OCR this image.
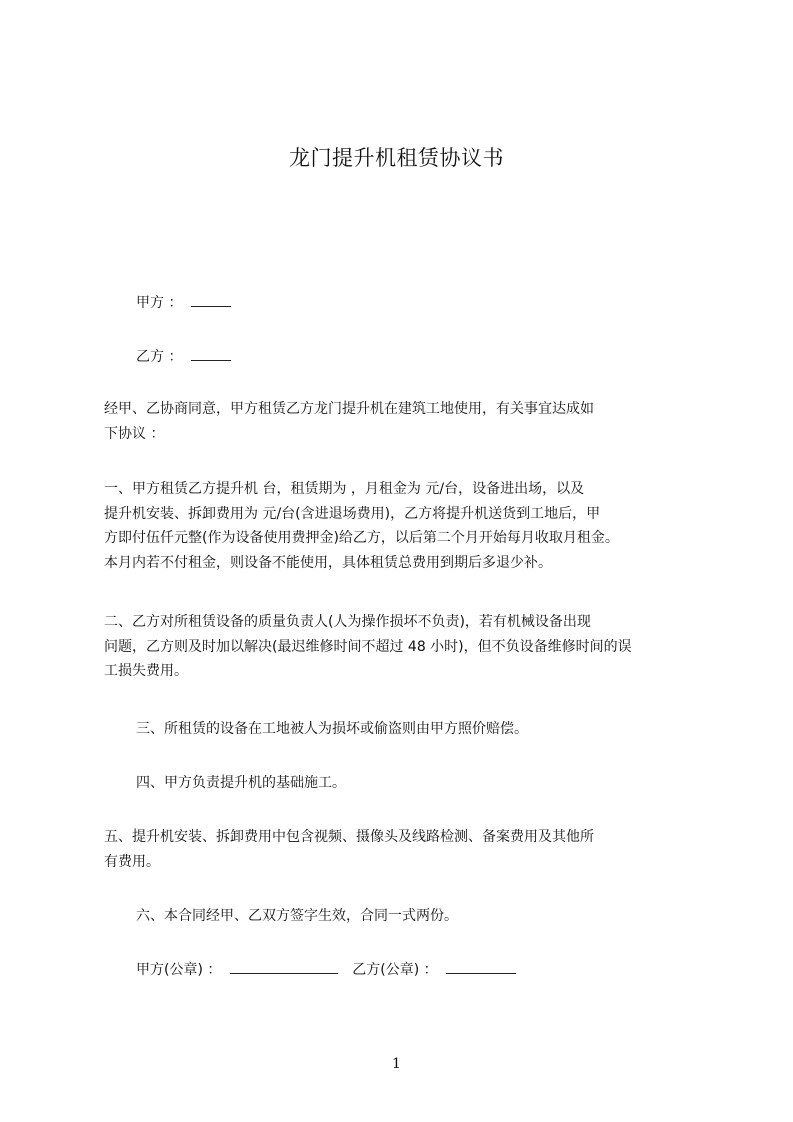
龙门提升机租赁协议书
甲方 ：
乙方 ：
经甲、乙协商同意，甲方租赁乙方龙门提升机在建筑工地使用，有关事宜达成如
下协议 ：
一、甲方租赁乙方提升机 台，租赁期为 ，月租金为 元/台，设备进出场，以及
提升机安装、拆卸费用为 元/台(含进退场费用)，乙方将提升机送货到工地后，甲
方即付伍仟元整(作为设备使用费押金)给乙方，以后第二个月开始每月收取月租金。
本月内若不付租金，则设备不能使用，具体租赁总费用到期后多退少补。
二、乙方对所租赁设备的质量负责人(人为操作损坏不负责)，若有机械设备出现
问题，乙方则及时加以解决(最迟维修时间不超过 48 小时)，但不负设备维修时间的误
工损失费用。
三、所租赁的设备在工地被人为损坏或偷盗则由甲方照价赔偿。
四、甲方负责提升机的基础施工。
五、提升机安装、拆卸费用中包含视频、摄像头及线路检测、备案费用及其他所
有费用。
六、本合同经甲、乙双方签字生效，合同一式两份。
甲方(公章) ：	乙方(公章) ：
1
